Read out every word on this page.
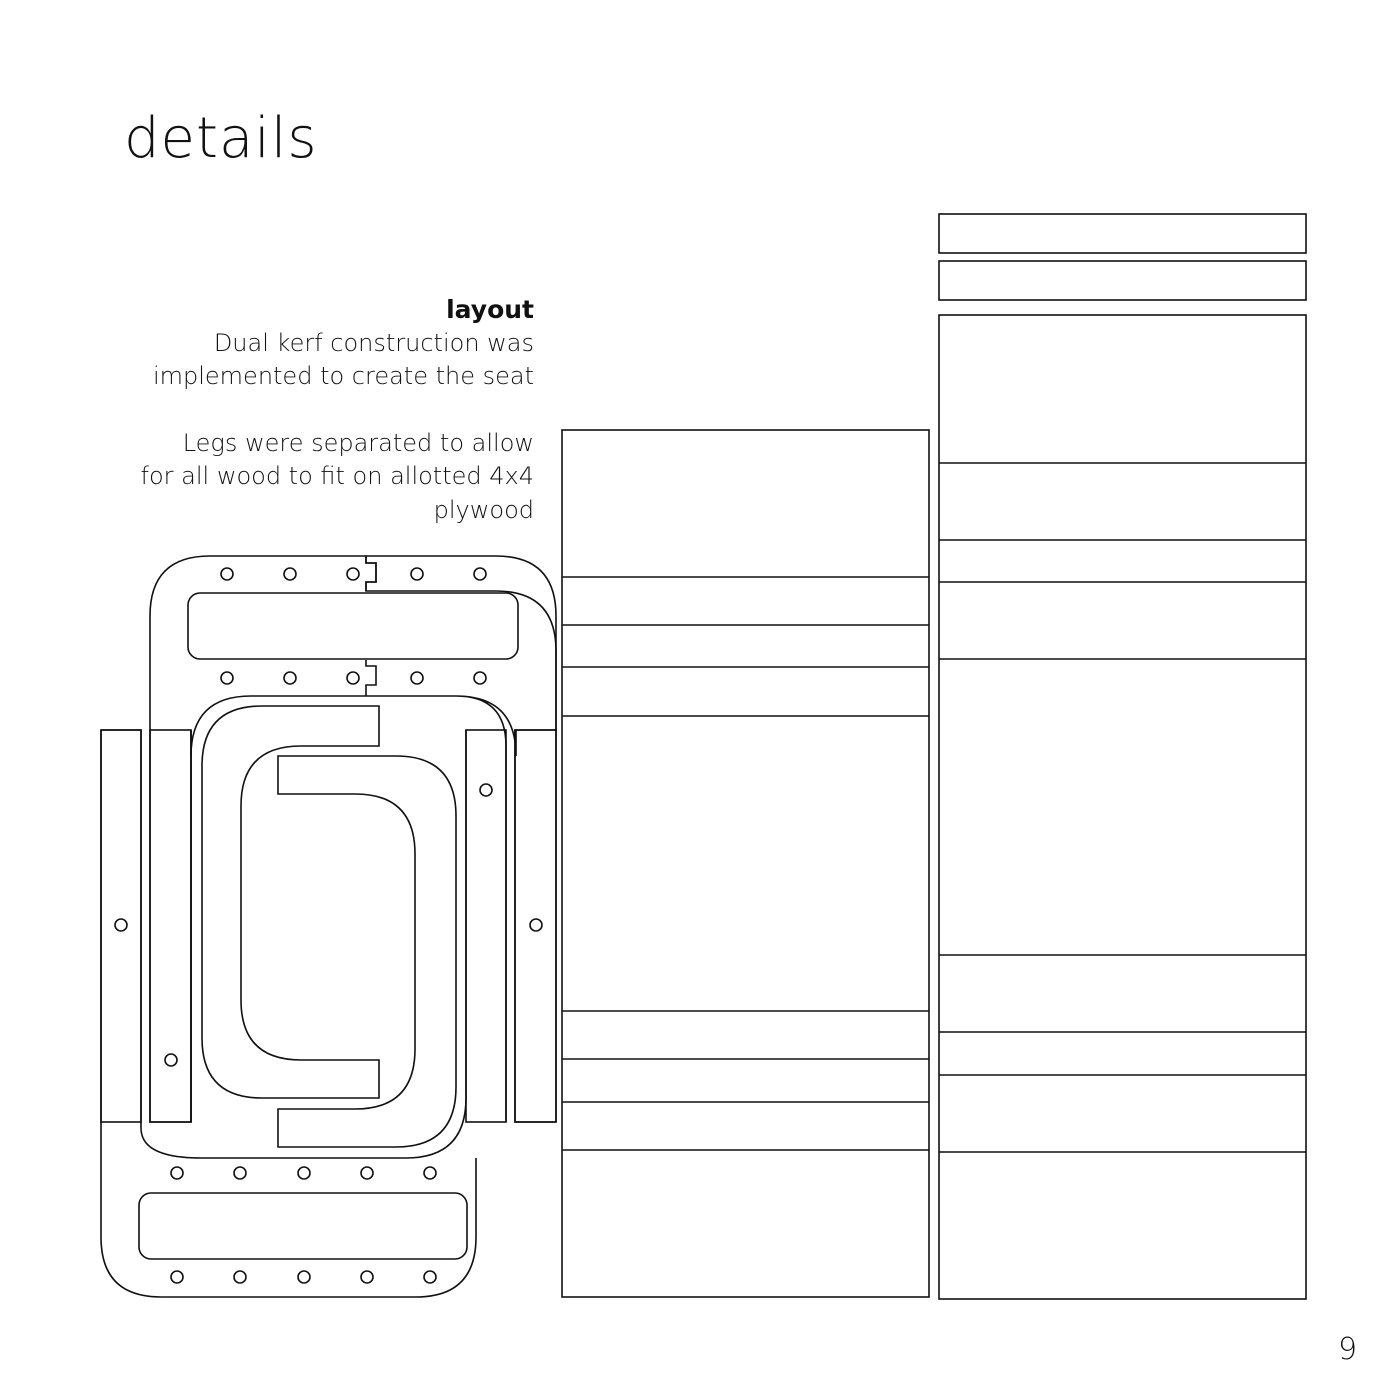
details
layout
Dual kerf construction was
implemented to create the seat
Legs were separated to allow
for all wood to fit on allotted 4x4
plywood
9
